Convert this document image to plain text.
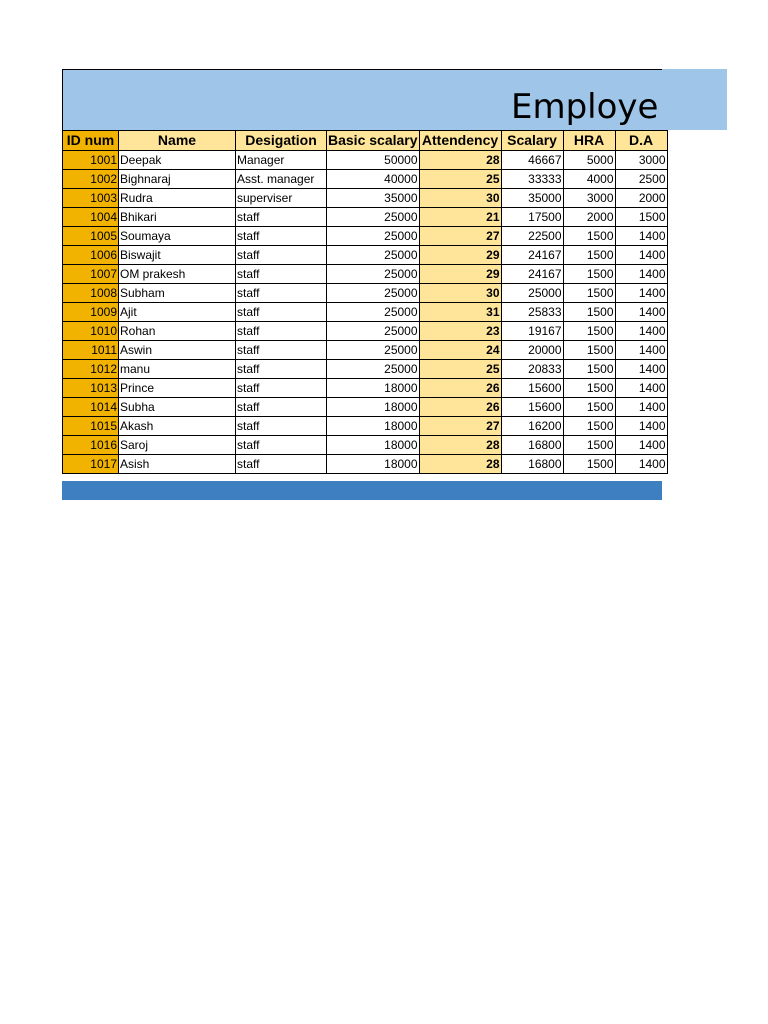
Employe
ID num	Name	Desigation	Basic scalary	Attendency	Scalary	HRA	D.A
1001	Deepak	Manager	50000	28	46667	5000	3000
1002	Bighnaraj	Asst. manager	40000	25	33333	4000	2500
1003	Rudra	superviser	35000	30	35000	3000	2000
1004	Bhikari	staff	25000	21	17500	2000	1500
1005	Soumaya	staff	25000	27	22500	1500	1400
1006	Biswajit	staff	25000	29	24167	1500	1400
1007	OM prakesh	staff	25000	29	24167	1500	1400
1008	Subham	staff	25000	30	25000	1500	1400
1009	Ajit	staff	25000	31	25833	1500	1400
1010	Rohan	staff	25000	23	19167	1500	1400
1011	Aswin	staff	25000	24	20000	1500	1400
1012	manu	staff	25000	25	20833	1500	1400
1013	Prince	staff	18000	26	15600	1500	1400
1014	Subha	staff	18000	26	15600	1500	1400
1015	Akash	staff	18000	27	16200	1500	1400
1016	Saroj	staff	18000	28	16800	1500	1400
1017	Asish	staff	18000	28	16800	1500	1400
